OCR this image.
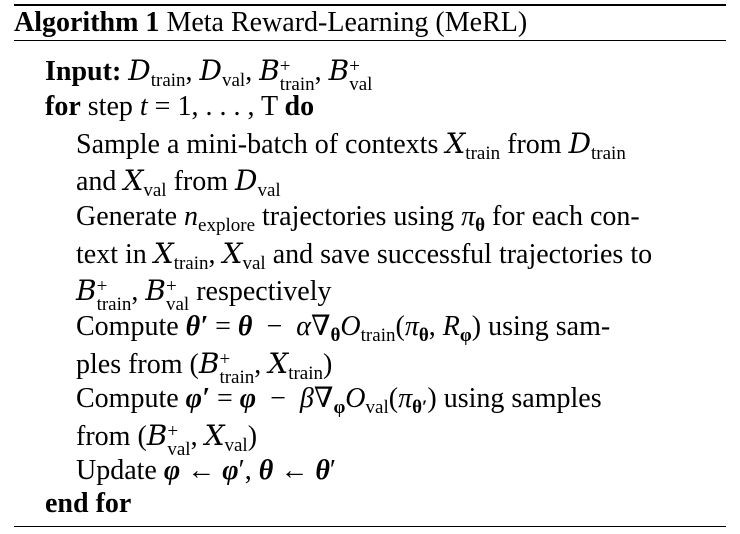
Algorithm 1 Meta Reward-Learning (MeRL)
Input: $D_{train}$, $D_{val}$, B +
train , B +
val
for step t = 1, . . . , T do
Sample a mini-batch of contexts $X_{train}$ from $D_{train}$
and $X_{val}$ from $D_{val}$
Generate $n_{explore}$ trajectories using $\pi_\theta$ for each con-
text in $X_{train}$, $X_{val}$ and save successful trajectories to
B +
train , B +
val respectively
Compute $\theta' = \theta - \alpha\nabla_\theta O_{train}(\pi_\theta$, $R_\varphi$) using sam-
ples from (B +
train , $X_{train}$)
Compute $\varphi' = \varphi - \beta\nabla_\varphi O_{val}(\pi_{\theta'})$ using samples
from (B +
val , $X_{val}$)
Update φ ← φ′, θ ← θ′
end for
